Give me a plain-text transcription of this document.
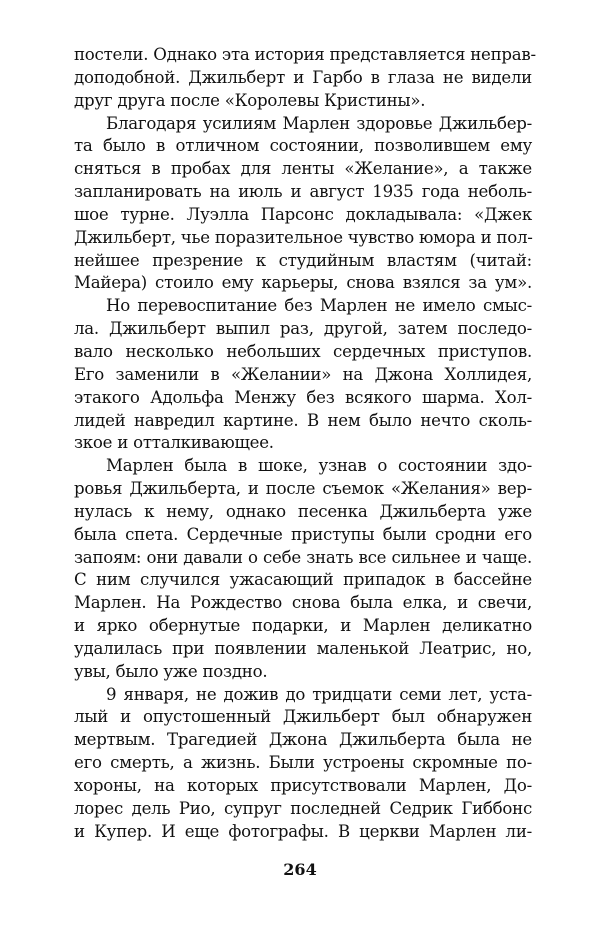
постели. Однако эта история представляется неправ-
доподобной. Джильберт и Гарбо в глаза не видели
друг друга после «Королевы Кристины».
Благодаря усилиям Марлен здоровье Джильбер-
та было в отличном состоянии, позволившем ему
сняться в пробах для ленты «Желание», а также
запланировать на июль и август 1935 года неболь-
шое турне. Луэлла Парсонс докладывала: «Джек
Джильберт, чье поразительное чувство юмора и пол-
нейшее презрение к студийным властям (читай:
Майера) стоило ему карьеры, снова взялся за ум».
Но перевоспитание без Марлен не имело смыс-
ла. Джильберт выпил раз, другой, затем последо-
вало несколько небольших сердечных приступов.
Его заменили в «Желании» на Джона Холлидея,
этакого Адольфа Менжу без всякого шарма. Хол-
лидей навредил картине. В нем было нечто сколь-
зкое и отталкивающее.
Марлен была в шоке, узнав о состоянии здо-
ровья Джильберта, и после съемок «Желания» вер-
нулась к нему, однако песенка Джильберта уже
была спета. Сердечные приступы были сродни его
запоям: они давали о себе знать все сильнее и чаще.
С ним случился ужасающий припадок в бассейне
Марлен. На Рождество снова была елка, и свечи,
и ярко обернутые подарки, и Марлен деликатно
удалилась при появлении маленькой Леатрис, но,
увы, было уже поздно.
9 января, не дожив до тридцати семи лет, уста-
лый и опустошенный Джильберт был обнаружен
мертвым. Трагедией Джона Джильберта была не
его смерть, а жизнь. Были устроены скромные по-
хороны, на которых присутствовали Марлен, До-
лорес дель Рио, супруг последней Седрик Гиббонс
и Купер. И еще фотографы. В церкви Марлен ли-
264
